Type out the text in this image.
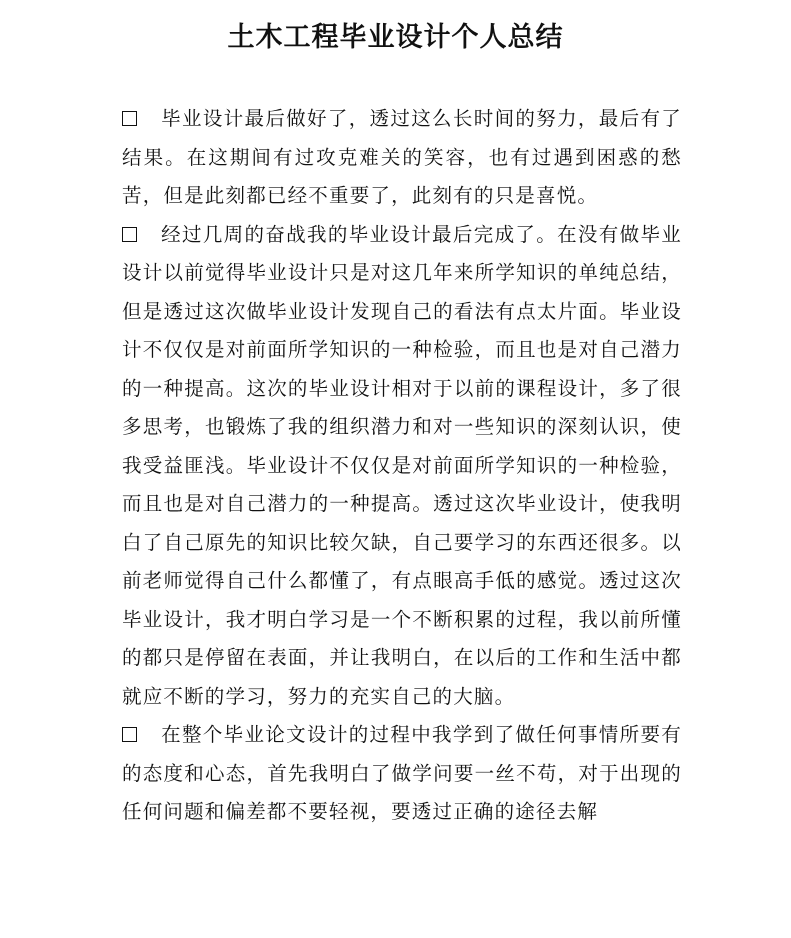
土木工程毕业设计个人总结

毕业设计最后做好了，透过这么长时间的努力，最后有了结果。在这期间有过攻克难关的笑容，也有过遇到困惑的愁苦，但是此刻都已经不重要了，此刻有的只是喜悦。

经过几周的奋战我的毕业设计最后完成了。在没有做毕业设计以前觉得毕业设计只是对这几年来所学知识的单纯总结，但是透过这次做毕业设计发现自己的看法有点太片面。毕业设计不仅仅是对前面所学知识的一种检验，而且也是对自己潜力的一种提高。这次的毕业设计相对于以前的课程设计，多了很多思考，也锻炼了我的组织潜力和对一些知识的深刻认识，使我受益匪浅。毕业设计不仅仅是对前面所学知识的一种检验，而且也是对自己潜力的一种提高。透过这次毕业设计，使我明白了自己原先的知识比较欠缺，自己要学习的东西还很多。以前老师觉得自己什么都懂了，有点眼高手低的感觉。透过这次毕业设计，我才明白学习是一个不断积累的过程，我以前所懂的都只是停留在表面，并让我明白，在以后的工作和生活中都就应不断的学习，努力的充实自己的大脑。

在整个毕业论文设计的过程中我学到了做任何事情所要有的态度和心态，首先我明白了做学问要一丝不苟，对于出现的任何问题和偏差都不要轻视，要透过正确的途径去解
